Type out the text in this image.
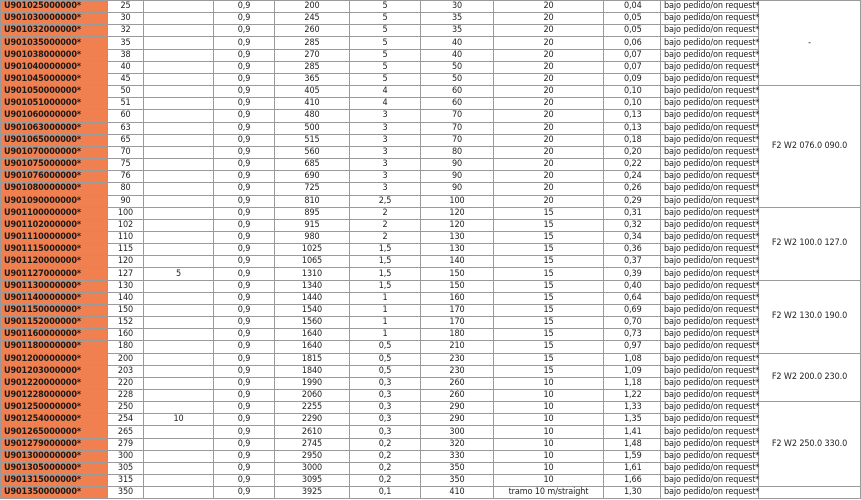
U901025000000*	25		0,9	200	5	30	20	0,04	bajo pedido/on request*	-
U901030000000*	30		0,9	245	5	35	20	0,05	bajo pedido/on request*	
U901032000000*	32		0,9	260	5	35	20	0,05	bajo pedido/on request*	
U901035000000*	35		0,9	285	5	40	20	0,06	bajo pedido/on request*	
U901038000000*	38		0,9	270	5	40	20	0,07	bajo pedido/on request*	
U901040000000*	40		0,9	285	5	50	20	0,07	bajo pedido/on request*	
U901045000000*	45		0,9	365	5	50	20	0,09	bajo pedido/on request*	
U901050000000*	50		0,9	405	4	60	20	0,10	bajo pedido/on request*	F2 W2 076.0 090.0
U901051000000*	51		0,9	410	4	60	20	0,10	bajo pedido/on request*	
U901060000000*	60		0,9	480	3	70	20	0,13	bajo pedido/on request*	
U901063000000*	63		0,9	500	3	70	20	0,13	bajo pedido/on request*	
U901065000000*	65		0,9	515	3	70	20	0,18	bajo pedido/on request*	
U901070000000*	70		0,9	560	3	80	20	0,20	bajo pedido/on request*	
U901075000000*	75		0,9	685	3	90	20	0,22	bajo pedido/on request*	
U901076000000*	76		0,9	690	3	90	20	0,24	bajo pedido/on request*	
U901080000000*	80		0,9	725	3	90	20	0,26	bajo pedido/on request*	
U901090000000*	90		0,9	810	2,5	100	20	0,29	bajo pedido/on request*	
U901100000000*	100		0,9	895	2	120	15	0,31	bajo pedido/on request*	F2 W2 100.0 127.0
U901102000000*	102		0,9	915	2	120	15	0,32	bajo pedido/on request*	
U901110000000*	110		0,9	980	2	130	15	0,34	bajo pedido/on request*	
U901115000000*	115		0,9	1025	1,5	130	15	0,36	bajo pedido/on request*	
U901120000000*	120		0,9	1065	1,5	140	15	0,37	bajo pedido/on request*	
U901127000000*	127	5	0,9	1310	1,5	150	15	0,39	bajo pedido/on request*	
U901130000000*	130		0,9	1340	1,5	150	15	0,40	bajo pedido/on request*	F2 W2 130.0 190.0
U901140000000*	140		0,9	1440	1	160	15	0,64	bajo pedido/on request*	
U901150000000*	150		0,9	1540	1	170	15	0,69	bajo pedido/on request*	
U901152000000*	152		0,9	1560	1	170	15	0,70	bajo pedido/on request*	
U901160000000*	160		0,9	1640	1	180	15	0,73	bajo pedido/on request*	
U901180000000*	180		0,9	1640	0,5	210	15	0,97	bajo pedido/on request*	
U901200000000*	200		0,9	1815	0,5	230	15	1,08	bajo pedido/on request*	F2 W2 200.0 230.0
U901203000000*	203		0,9	1840	0,5	230	15	1,09	bajo pedido/on request*	
U901220000000*	220		0,9	1990	0,3	260	10	1,18	bajo pedido/on request*	
U901228000000*	228		0,9	2060	0,3	260	10	1,22	bajo pedido/on request*	
U901250000000*	250		0,9	2255	0,3	290	10	1,33	bajo pedido/on request*	F2 W2 250.0 330.0
U901254000000*	254	10	0,9	2290	0,3	290	10	1,35	bajo pedido/on request*	
U901265000000*	265		0,9	2610	0,3	300	10	1,41	bajo pedido/on request*	
U901279000000*	279		0,9	2745	0,2	320	10	1,48	bajo pedido/on request*	
U901300000000*	300		0,9	2950	0,2	330	10	1,59	bajo pedido/on request*	
U901305000000*	305		0,9	3000	0,2	350	10	1,61	bajo pedido/on request*	
U901315000000*	315		0,9	3095	0,2	350	10	1,66	bajo pedido/on request*	
U901350000000*	350		0,9	3925	0,1	410	tramo 10 m/straight	1,30	bajo pedido/on request*	
